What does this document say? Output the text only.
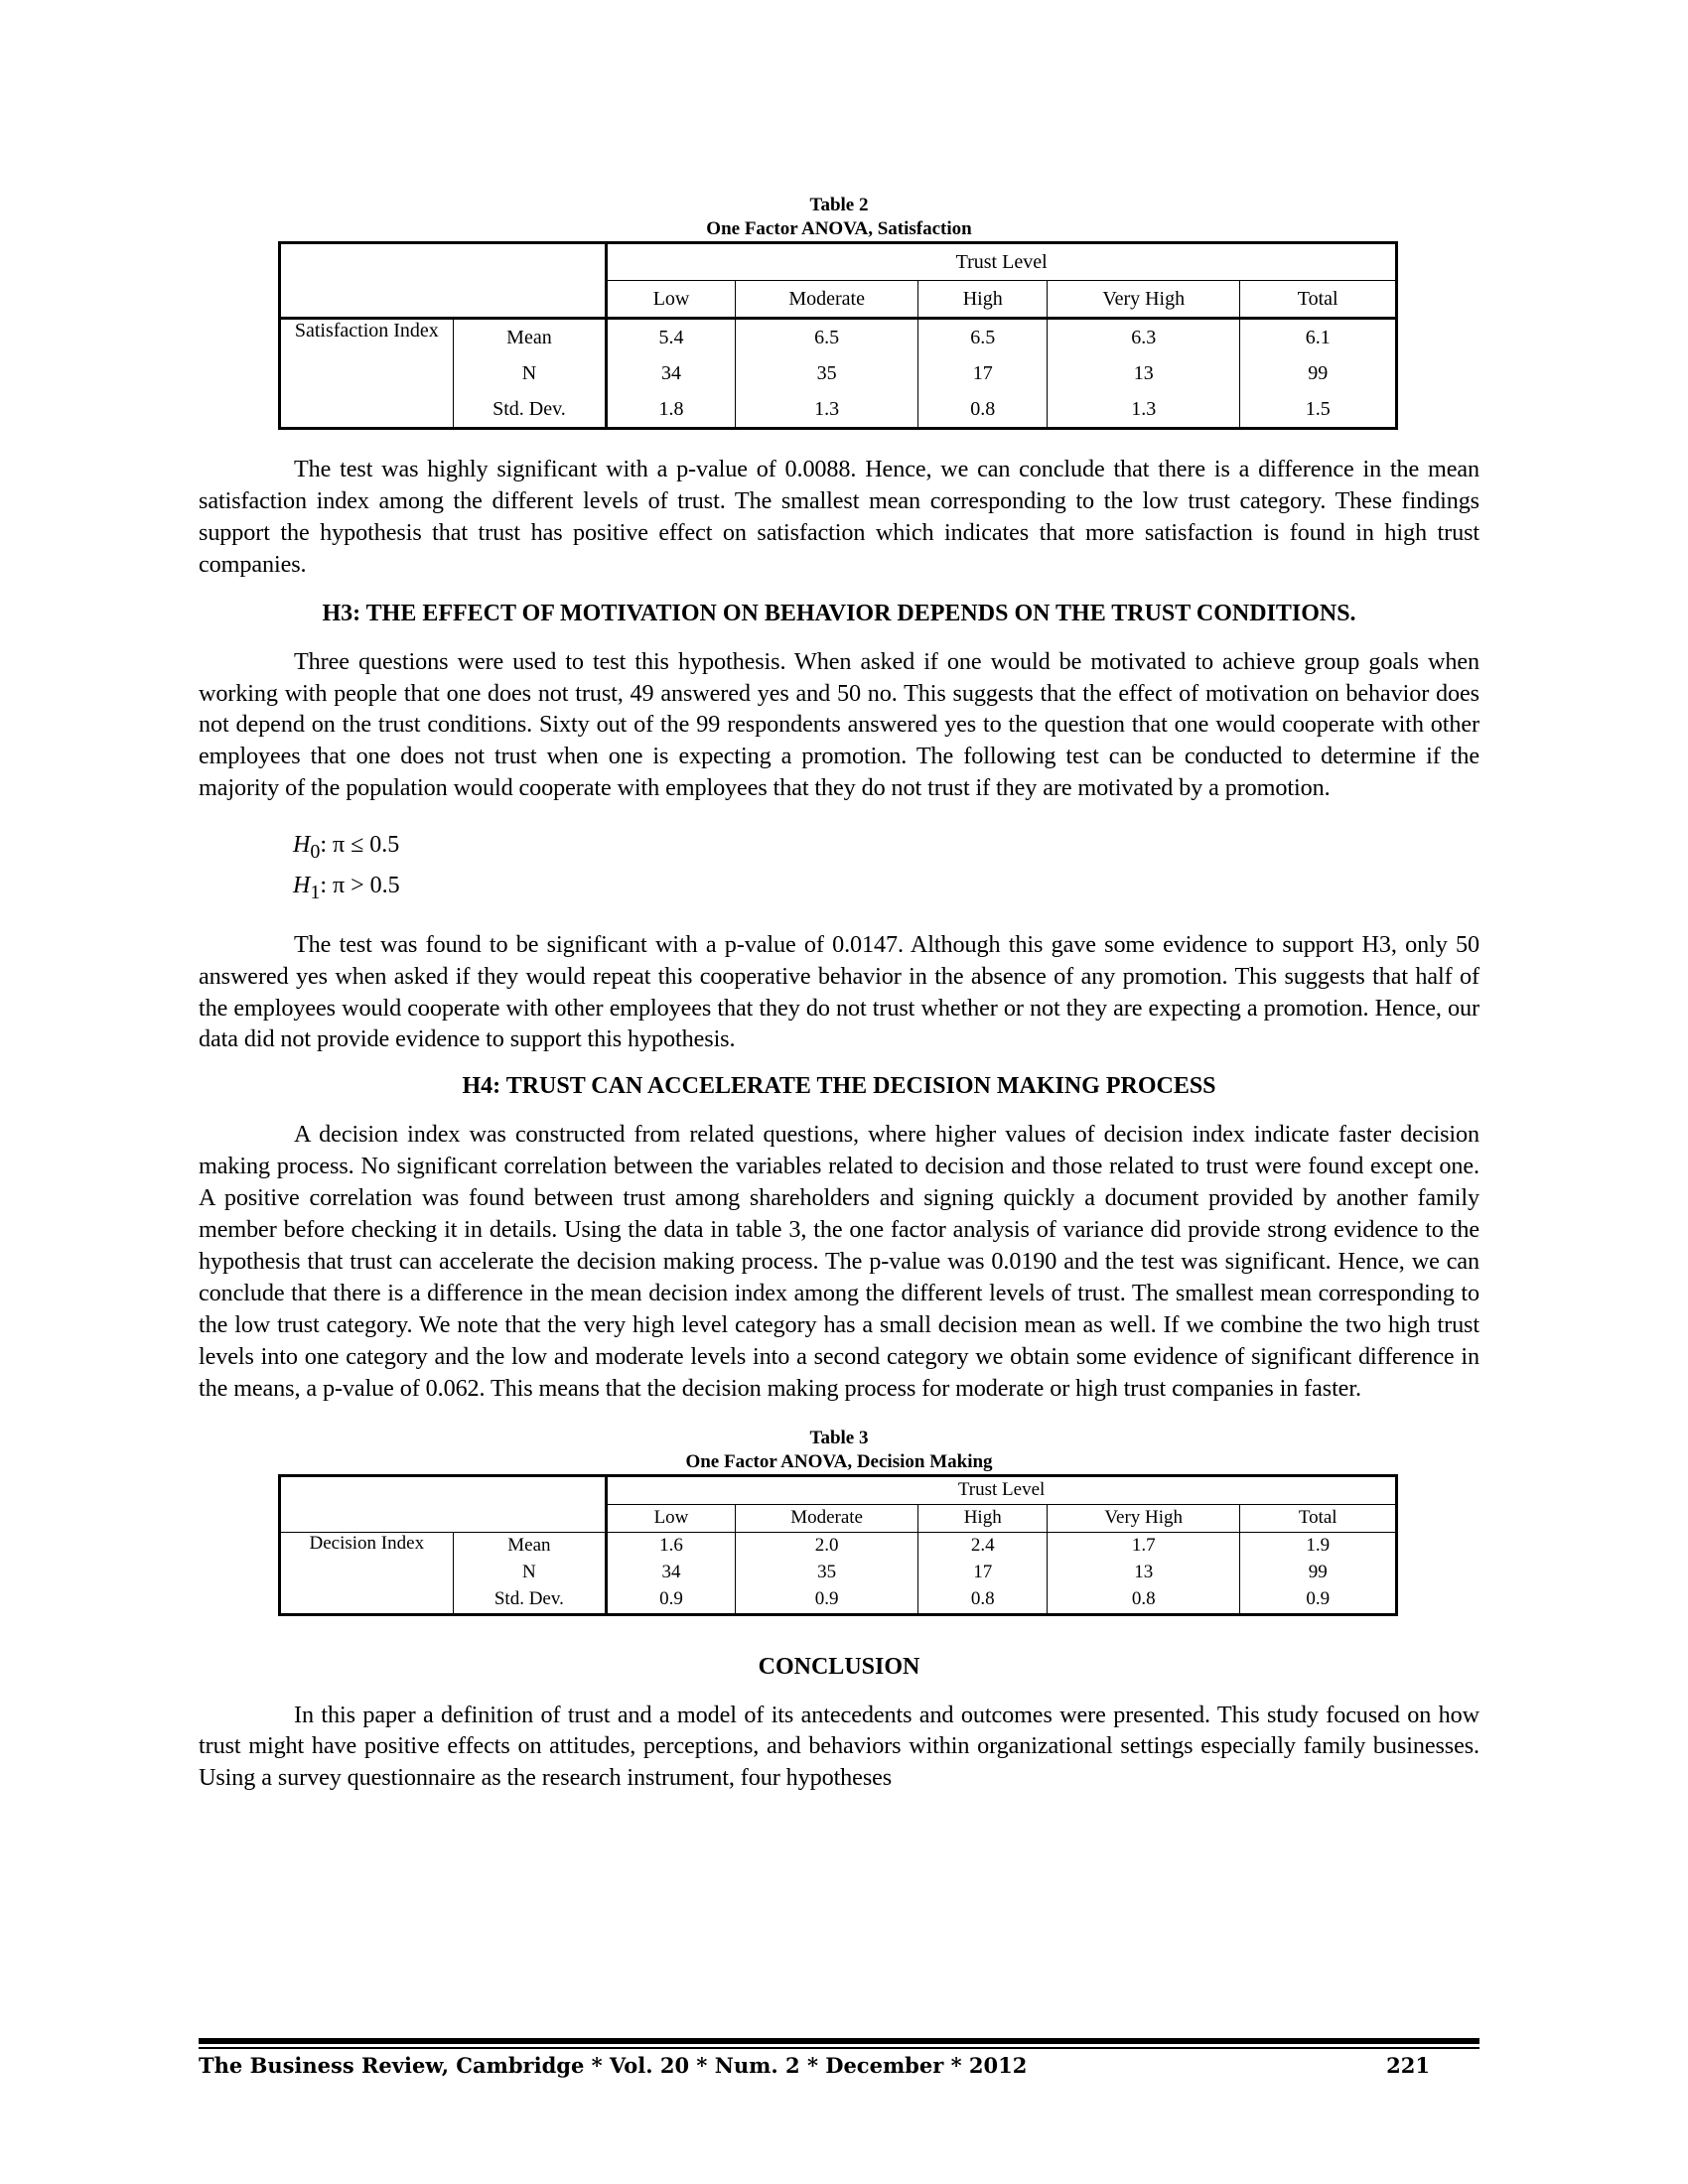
Table 2
One Factor ANOVA, Satisfaction
		Trust Level				
		Low	Moderate	High	Very High	Total
Satisfaction Index	Mean	5.4	6.5	6.5	6.3	6.1
	N	34	35	17	13	99
	Std. Dev.	1.8	1.3	0.8	1.3	1.5

The test was highly significant with a p-value of 0.0088. Hence, we can conclude that there is a difference in the mean satisfaction index among the different levels of trust. The smallest mean corresponding to the low trust category. These findings support the hypothesis that trust has positive effect on satisfaction which indicates that more satisfaction is found in high trust companies.

H3: THE EFFECT OF MOTIVATION ON BEHAVIOR DEPENDS ON THE TRUST CONDITIONS.

Three questions were used to test this hypothesis. When asked if one would be motivated to achieve group goals when working with people that one does not trust, 49 answered yes and 50 no. This suggests that the effect of motivation on behavior does not depend on the trust conditions. Sixty out of the 99 respondents answered yes to the question that one would cooperate with other employees that one does not trust when one is expecting a promotion. The following test can be conducted to determine if the majority of the population would cooperate with employees that they do not trust if they are motivated by a promotion.

$H_0$: π ≤ 0.5
$H_1$: π > 0.5

The test was found to be significant with a p-value of 0.0147. Although this gave some evidence to support H3, only 50 answered yes when asked if they would repeat this cooperative behavior in the absence of any promotion. This suggests that half of the employees would cooperate with other employees that they do not trust whether or not they are expecting a promotion. Hence, our data did not provide evidence to support this hypothesis.

H4: TRUST CAN ACCELERATE THE DECISION MAKING PROCESS

A decision index was constructed from related questions, where higher values of decision index indicate faster decision making process. No significant correlation between the variables related to decision and those related to trust were found except one. A positive correlation was found between trust among shareholders and signing quickly a document provided by another family member before checking it in details. Using the data in table 3, the one factor analysis of variance did provide strong evidence to the hypothesis that trust can accelerate the decision making process. The p-value was 0.0190 and the test was significant. Hence, we can conclude that there is a difference in the mean decision index among the different levels of trust. The smallest mean corresponding to the low trust category. We note that the very high level category has a small decision mean as well. If we combine the two high trust levels into one category and the low and moderate levels into a second category we obtain some evidence of significant difference in the means, a p-value of 0.062. This means that the decision making process for moderate or high trust companies in faster.

Table 3
One Factor ANOVA, Decision Making
		Trust Level				
		Low	Moderate	High	Very High	Total
Decision Index	Mean	1.6	2.0	2.4	1.7	1.9
	N	34	35	17	13	99
	Std. Dev.	0.9	0.9	0.8	0.8	0.9
CONCLUSION

In this paper a definition of trust and a model of its antecedents and outcomes were presented. This study focused on how trust might have positive effects on attitudes, perceptions, and behaviors within organizational settings especially family businesses. Using a survey questionnaire as the research instrument, four hypotheses

The Business Review, Cambridge * Vol. 20 * Num. 2 * December * 2012	221
